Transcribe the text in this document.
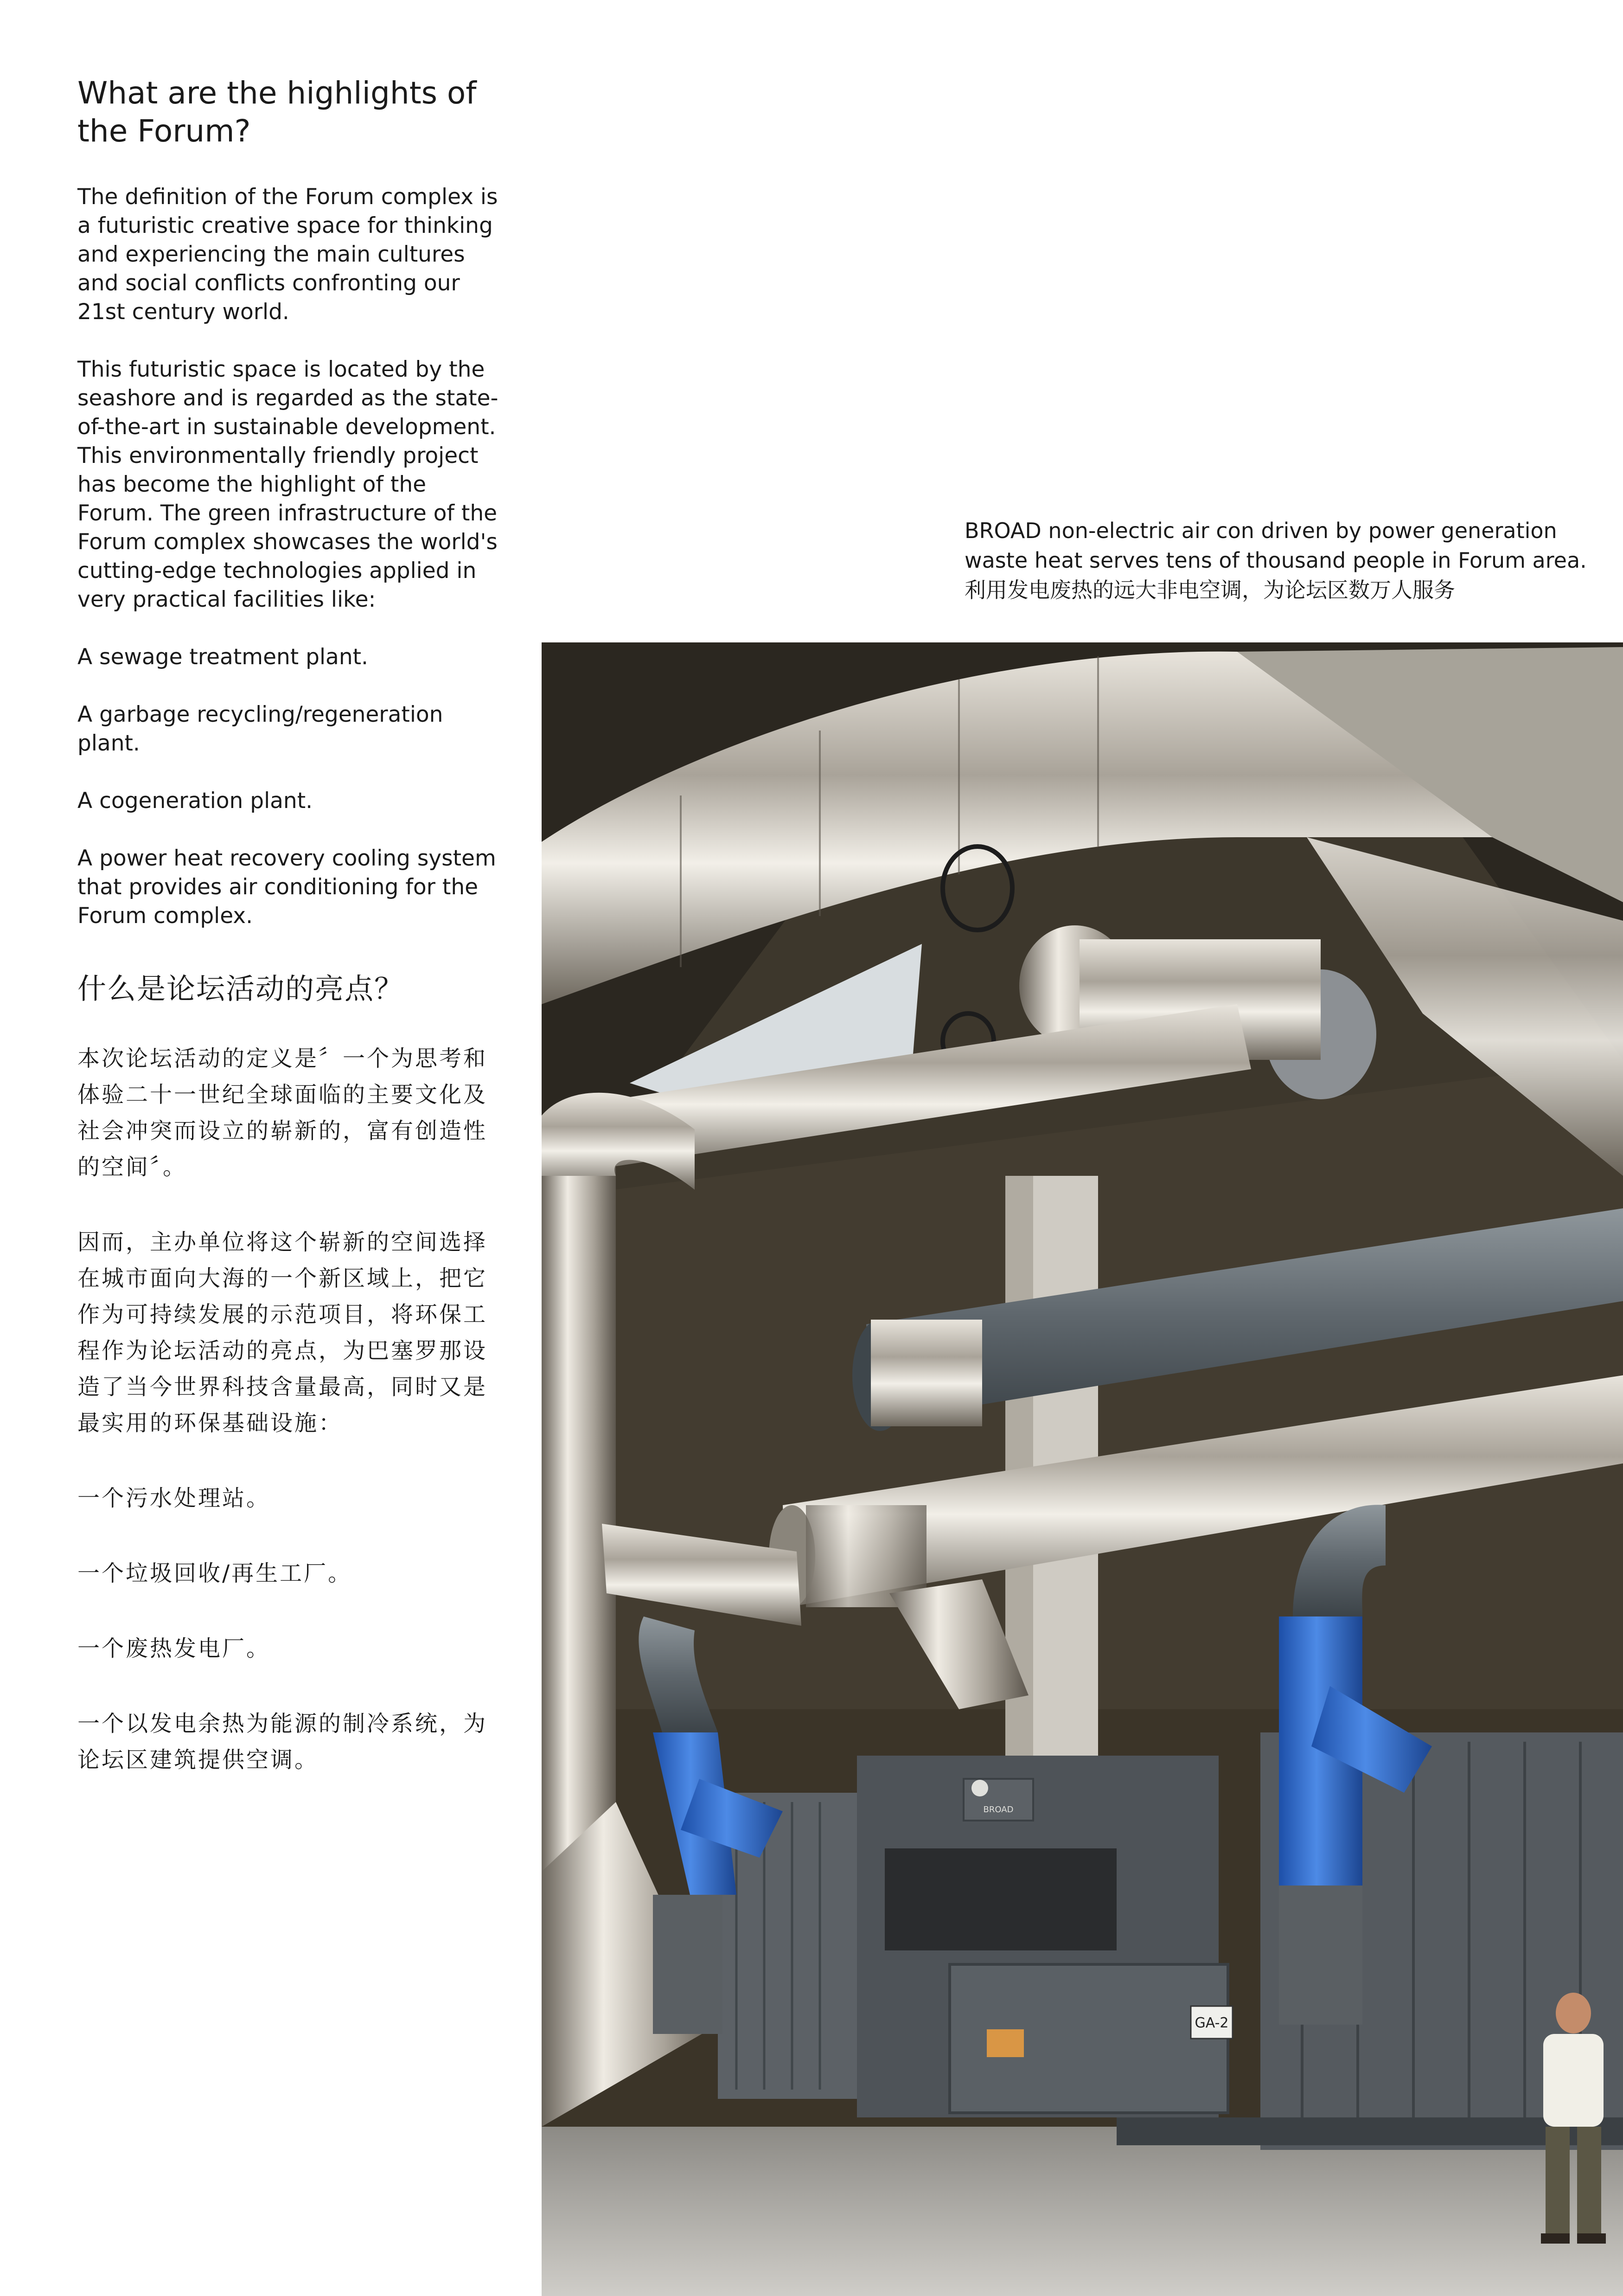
What are the highlights of the Forum?

The definition of the Forum complex is a futuristic creative space for thinking and experiencing the main cultures and social conflicts confronting our 21st century world.

This futuristic space is located by the seashore and is regarded as the state-of-the-art in sustainable development. This environmentally friendly project has become the highlight of the Forum. The green infrastructure of the Forum complex showcases the world's cutting-edge technologies applied in very practical facilities like:

A sewage treatment plant.

A garbage recycling/regeneration plant.

A cogeneration plant.

A power heat recovery cooling system that provides air conditioning for the Forum complex.

什么是论坛活动的亮点？

本次论坛活动的定义是〞一个为思考和体验二十一世纪全球面临的主要文化及社会冲突而设立的崭新的，富有创造性的空间〞。

因而，主办单位将这个崭新的空间选择在城市面向大海的一个新区域上，把它作为可持续发展的示范项目，将环保工程作为论坛活动的亮点，为巴塞罗那设造了当今世界科技含量最高，同时又是最实用的环保基础设施：

一个污水处理站。

一个垃圾回收/再生工厂。

一个废热发电厂。

一个以发电余热为能源的制冷系统，为论坛区建筑提供空调。

BROAD non-electric air con driven by power generation
waste heat serves tens of thousand people in Forum area.
利用发电废热的远大非电空调，为论坛区数万人服务
GA-2
BROAD
